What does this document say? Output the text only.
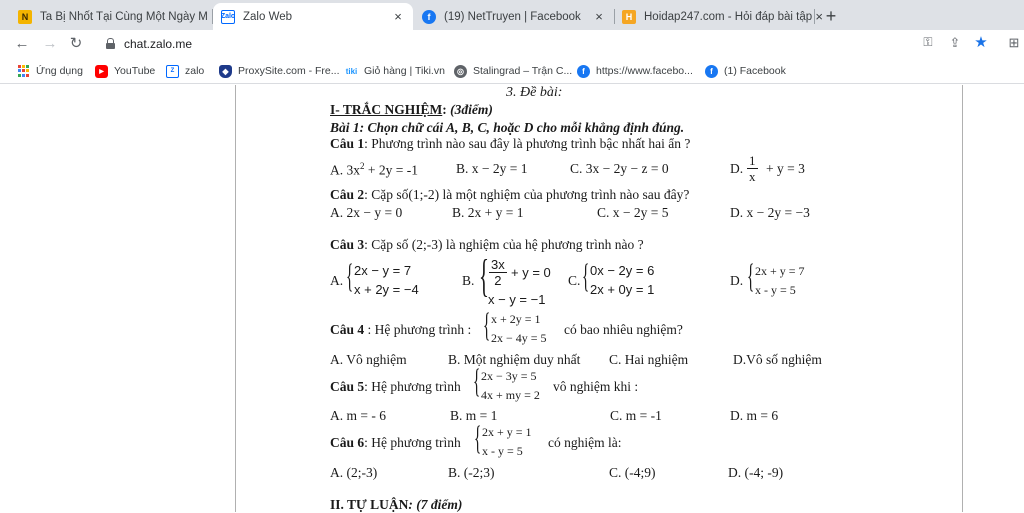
N	Ta Bị Nhốt Tại Cùng Một Ngày M Zalo Zalo Web	×	f	(19) NetTruyen | Facebook	×	H	Hoidap247.com - Hỏi đáp bài tập × +
← → ↻	chat.zalo.me	⚿	⇪ ★ ⊞
Ứng dụng	▶ YouTube	Z	zalo	◆ ProxySite.com - Fre... tiki Giỏ hàng | Tiki.vn	◎ Stalingrad – Trận C...	f	https://www.facebo...	f	(1) Facebook
3. Đề bài:
I- TRẮC NGHIỆM: (3điểm)
Bài 1: Chọn chữ cái A, B, C, hoặc D cho mỗi khẳng định đúng.
Câu 1: Phương trình nào sau đây là phương trình bậc nhất hai ẩn ?
A. $3x^2 + 2y = -1$	B. x − 2y = 1	C. 3x − 2y − z = 0	D. $\frac{1}{x} + y = 3$
Câu 2: Cặp số(1;-2) là một nghiệm của phương trình nào sau đây?
A. 2x − y = 0	B. 2x + y = 1	C. x − 2y = 5	D. x − 2y = −3
Câu 3: Cặp số (2;-3) là nghiệm của hệ phương trình nào ?
A. { 2x − y = 7
x + 2y = −4
B. { $\frac{3x}{2} + y = 0$
x − y = −1
C. { 0x − 2y = 6
2x + 0y = 1
D. { 2x + y = 7
x - y = 5
Câu 4 : Hệ phương trình : { x + 2y = 1
2x − 4y = 5
có bao nhiêu nghiệm?
A. Vô nghiệm	B. Một nghiệm duy nhất C. Hai nghiệm	D.Vô số nghiệm
Câu 5: Hệ phương trình { 2x − 3y = 5
4x + my = 2
vô nghiệm khi :
A. m = - 6	B. m = 1	C. m = -1	D. m = 6
Câu 6: Hệ phương trình { 2x + y = 1
x - y = 5
có nghiệm là:
A. (2;-3)	B. (-2;3)	C. (-4;9)	D. (-4; -9)
II. TỰ LUẬN: (7 điểm)
